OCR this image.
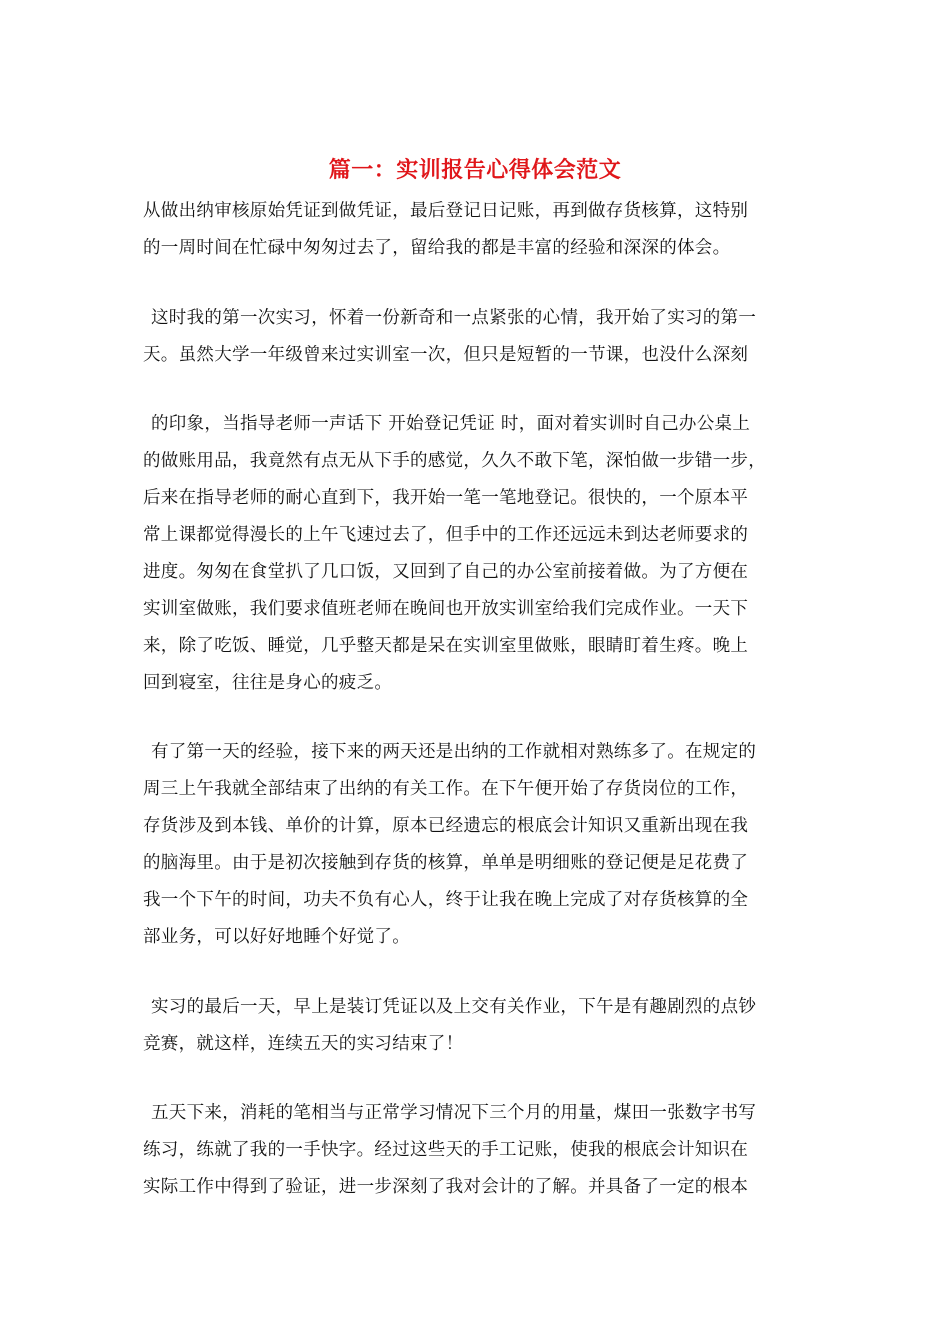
篇一：实训报告心得体会范文
从做出纳审核原始凭证到做凭证，最后登记日记账，再到做存货核算，这特别
的一周时间在忙碌中匆匆过去了，留给我的都是丰富的经验和深深的体会。
这时我的第一次实习，怀着一份新奇和一点紧张的心情，我开始了实习的第一
天。虽然大学一年级曾来过实训室一次，但只是短暂的一节课，也没什么深刻
的印象，当指导老师一声话下 开始登记凭证 时，面对着实训时自己办公桌上
的做账用品，我竟然有点无从下手的感觉，久久不敢下笔，深怕做一步错一步，
后来在指导老师的耐心直到下，我开始一笔一笔地登记。很快的，一个原本平
常上课都觉得漫长的上午飞速过去了，但手中的工作还远远未到达老师要求的
进度。匆匆在食堂扒了几口饭，又回到了自己的办公室前接着做。为了方便在
实训室做账，我们要求值班老师在晚间也开放实训室给我们完成作业。一天下
来，除了吃饭、睡觉，几乎整天都是呆在实训室里做账，眼睛盯着生疼。晚上
回到寝室，往往是身心的疲乏。
有了第一天的经验，接下来的两天还是出纳的工作就相对熟练多了。在规定的
周三上午我就全部结束了出纳的有关工作。在下午便开始了存货岗位的工作，
存货涉及到本钱、单价的计算，原本已经遗忘的根底会计知识又重新出现在我
的脑海里。由于是初次接触到存货的核算，单单是明细账的登记便是足花费了
我一个下午的时间，功夫不负有心人，终于让我在晚上完成了对存货核算的全
部业务，可以好好地睡个好觉了。
实习的最后一天，早上是装订凭证以及上交有关作业，下午是有趣剧烈的点钞
竞赛，就这样，连续五天的实习结束了！
五天下来，消耗的笔相当与正常学习情况下三个月的用量，煤田一张数字书写
练习，练就了我的一手快字。经过这些天的手工记账，使我的根底会计知识在
实际工作中得到了验证，进一步深刻了我对会计的了解。并具备了一定的根本
